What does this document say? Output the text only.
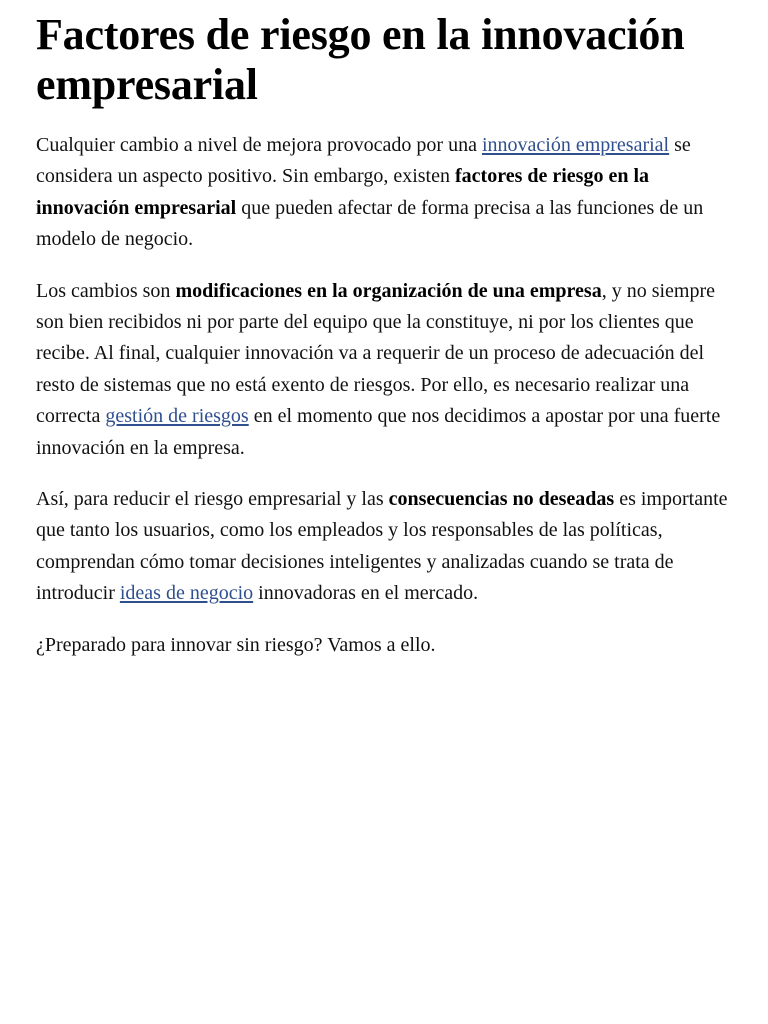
Factores de riesgo en la innovación empresarial

Cualquier cambio a nivel de mejora provocado por una innovación empresarial se considera un aspecto positivo. Sin embargo, existen factores de riesgo en la innovación empresarial que pueden afectar de forma precisa a las funciones de un modelo de negocio.

Los cambios son modificaciones en la organización de una empresa, y no siempre son bien recibidos ni por parte del equipo que la constituye, ni por los clientes que recibe. Al final, cualquier innovación va a requerir de un proceso de adecuación del resto de sistemas que no está exento de riesgos. Por ello, es necesario realizar una correcta gestión de riesgos en el momento que nos decidimos a apostar por una fuerte innovación en la empresa.

Así, para reducir el riesgo empresarial y las consecuencias no deseadas es importante que tanto los usuarios, como los empleados y los responsables de las políticas, comprendan cómo tomar decisiones inteligentes y analizadas cuando se trata de introducir ideas de negocio innovadoras en el mercado.

¿Preparado para innovar sin riesgo? Vamos a ello.
